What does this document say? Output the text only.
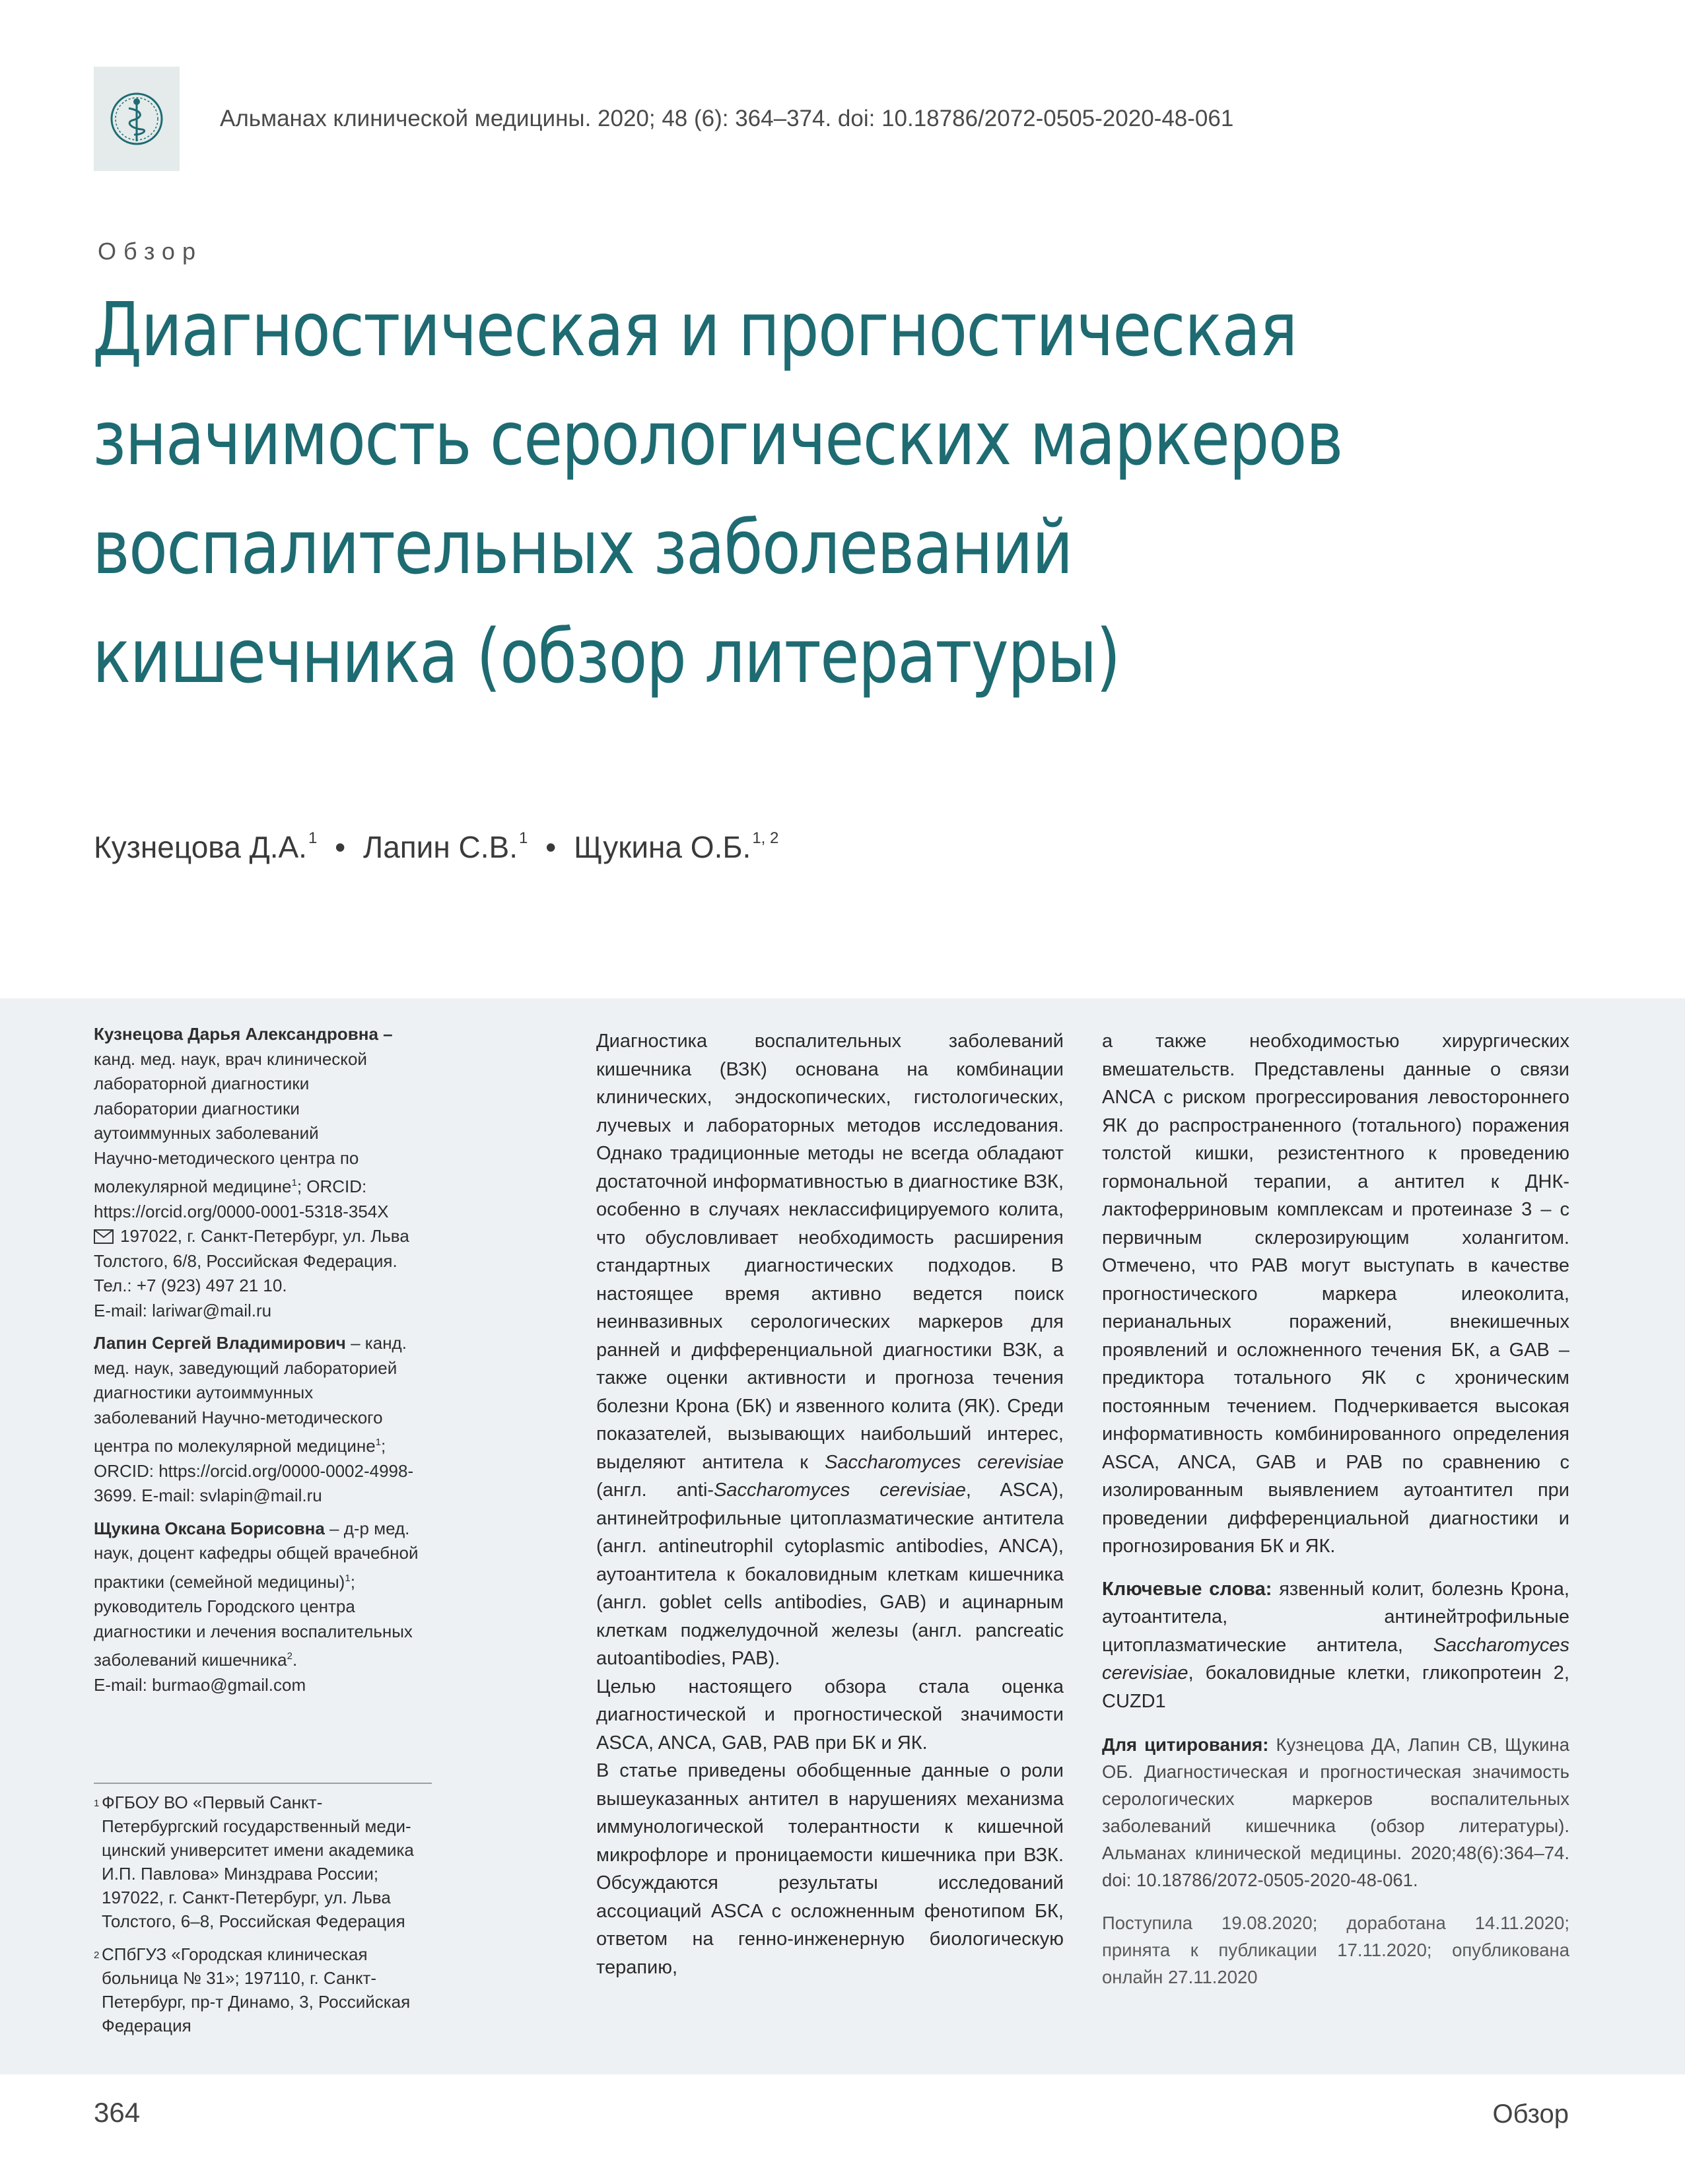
Альманах клинической медицины. 2020; 48 (6): 364–374. doi: 10.18786/2072-0505-2020-48-061
Обзор
Диагностическая и прогностическая
значимость серологических маркеров
воспалительных заболеваний
кишечника (обзор литературы)
Кузнецова Д.А.$^1$ • Лапин С.В.$^1$ • Щукина О.Б.$^{1, 2}$

Кузнецова Дарья Александровна –
канд. мед. наук, врач клинической
лабораторной диагностики
лаборатории диагностики
аутоиммунных заболеваний
Научно-методического центра по
молекулярной медицине$^1$; ORCID:
https://orcid.org/0000-0001-5318-354X
197022, г. Санкт-Петербург, ул. Льва
Толстого, 6/8, Российская Федерация.
Тел.: +7 (923) 497 21 10.
E-mail: lariwar@mail.ru

Лапин Сергей Владимирович – канд.
мед. наук, заведующий лабораторией
диагностики аутоиммунных
заболеваний Научно-методического
центра по молекулярной медицине$^1$;
ORCID: https://orcid.org/0000-0002-4998-
3699. E-mail: svlapin@mail.ru

Щукина Оксана Борисовна – д-р мед.
наук, доцент кафедры общей врачебной
практики (семейной медицины)$^1$;
руководитель Городского центра
диагностики и лечения воспалительных
заболеваний кишечника$^2$.
E-mail: burmao@gmail.com

1 ФГБОУ ВО «Первый Санкт-
Петербургский государственный меди-
цинский университет имени академика
И.П. Павлова» Минздрава России;
197022, г. Санкт-Петербург, ул. Льва
Толстого, 6–8, Российская Федерация
2 СПбГУЗ «Городская клиническая
больница № 31»; 197110, г. Санкт-
Петербург, пр-т Динамо, 3, Российская
Федерация

Диагностика воспалительных заболеваний кишечника (ВЗК) основана на комбинации клинических, эндоскопических, гистологических, лучевых и лабораторных методов исследования. Однако традиционные методы не всегда обладают достаточной информативностью в диагностике ВЗК, особенно в случаях неклассифицируемого колита, что обусловливает необходимость расширения стандартных диагностических подходов. В настоящее время активно ведется поиск неинвазивных серологических маркеров для ранней и дифференциальной диагностики ВЗК, а также оценки активности и прогноза течения болезни Крона (БК) и язвенного колита (ЯК). Среди показателей, вызывающих наибольший интерес, выделяют антитела к Saccharomyces cerevisiae (англ. anti-Saccharomyces cerevisiae, ASCA), антинейтрофильные цитоплазматические антитела (англ. antineutrophil cytoplasmic antibodies, ANCA), аутоантитела к бокаловидным клеткам кишечника (англ. goblet cells antibodies, GAB) и ацинарным клеткам поджелудочной железы (англ. pancreatic autoantibodies, PAB).

Целью настоящего обзора стала оценка диагностической и прогностической значимости ASCA, ANCA, GAB, PAB при БК и ЯК.

В статье приведены обобщенные данные о роли вышеуказанных антител в нарушениях механизма иммунологической толерантности к кишечной микрофлоре и проницаемости кишечника при ВЗК. Обсуждаются результаты исследований ассоциаций ASCA с осложненным фенотипом БК, ответом на генно-инженерную биологическую терапию,

а также необходимостью хирургических вмешательств. Представлены данные о связи ANCA с риском прогрессирования левостороннего ЯК до распространенного (тотального) поражения толстой кишки, резистентного к проведению гормональной терапии, а антител к ДНК-лактоферриновым комплексам и протеиназе 3 – с первичным склерозирующим холангитом. Отмечено, что PAB могут выступать в качестве прогностического маркера илеоколита, перианальных поражений, внекишечных проявлений и осложненного течения БК, а GAB – предиктора тотального ЯК с хроническим постоянным течением. Подчеркивается высокая информативность комбинированного определения ASCA, ANCA, GAB и PAB по сравнению с изолированным выявлением аутоантител при проведении дифференциальной диагностики и прогнозирования БК и ЯК.

Ключевые слова: язвенный колит, болезнь Крона, аутоантитела, антинейтрофильные цитоплазматические антитела, Saccharomyces cerevisiae, бокаловидные клетки, гликопротеин 2, CUZD1

Для цитирования: Кузнецова ДА, Лапин СВ, Щукина ОБ. Диагностическая и прогностическая значимость серологических маркеров воспалительных заболеваний кишечника (обзор литературы). Альманах клинической медицины. 2020;48(6):364–74. doi: 10.18786/2072-0505-2020-48-061.

Поступила 19.08.2020; доработана 14.11.2020; принята к публикации 17.11.2020; опубликована онлайн 27.11.2020

364	Обзор
